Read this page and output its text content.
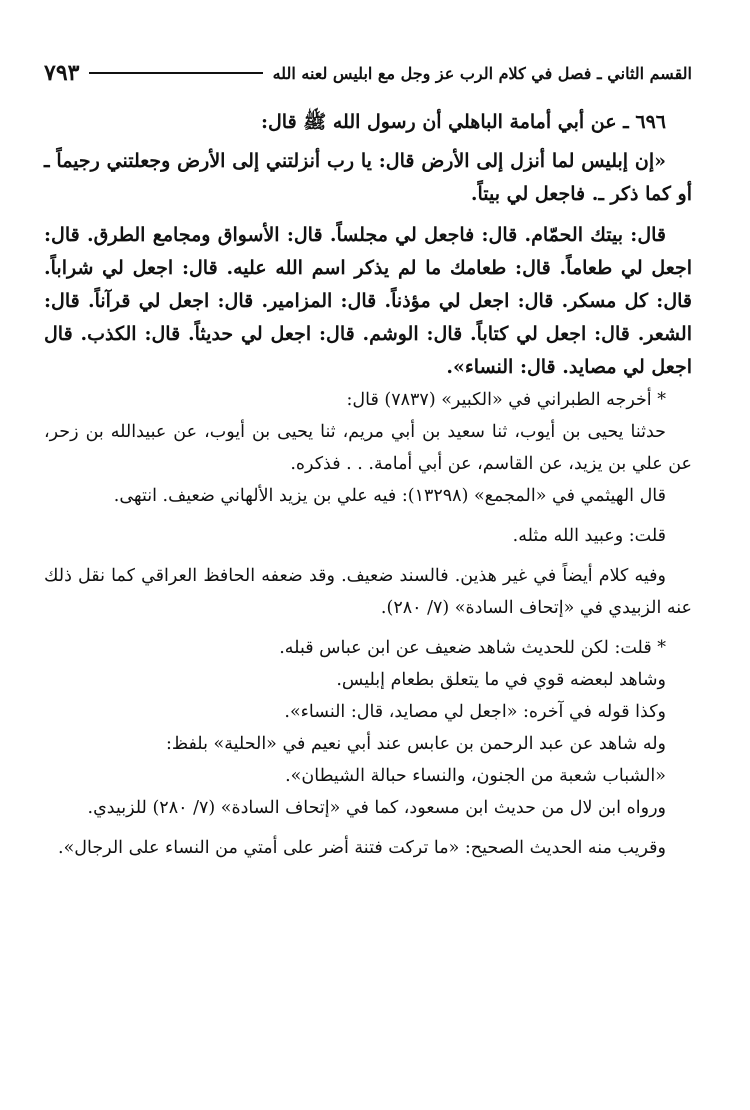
القسم الثاني ـ فصل في كلام الرب عز وجل مع ابليس لعنه الله
٧٩٣

٦٩٦ ـ عن أبي أمامة الباهلي أن رسول الله ﷺ قال:

«إن إبليس لما أنزل إلى الأرض قال: يا رب أنزلتني إلى الأرض وجعلتني رجيماً ـ أو كما ذكر ـ. فاجعل لي بيتاً.

قال: بيتك الحمّام. قال: فاجعل لي مجلساً. قال: الأسواق ومجامع الطرق. قال: اجعل لي طعاماً. قال: طعامك ما لم يذكر اسم الله عليه. قال: اجعل لي شراباً. قال: كل مسكر. قال: اجعل لي مؤذناً. قال: المزامير. قال: اجعل لي قرآناً. قال: الشعر. قال: اجعل لي كتاباً. قال: الوشم. قال: اجعل لي حديثاً. قال: الكذب. قال اجعل لي مصايد. قال: النساء».

* أخرجه الطبراني في «الكبير» (٧٨٣٧) قال:

حدثنا يحيى بن أيوب، ثنا سعيد بن أبي مريم، ثنا يحيى بن أيوب، عن عبيدالله بن زحر، عن علي بن يزيد، عن القاسم، عن أبي أمامة. . . فذكره.

قال الهيثمي في «المجمع» (١٣٢٩٨): فيه علي بن يزيد الألهاني ضعيف. انتهى.

قلت: وعبيد الله مثله.

وفيه كلام أيضاً في غير هذين. فالسند ضعيف. وقد ضعفه الحافظ العراقي كما نقل ذلك عنه الزبيدي في «إتحاف السادة» (٧/ ٢٨٠).

* قلت: لكن للحديث شاهد ضعيف عن ابن عباس قبله.

وشاهد لبعضه قوي في ما يتعلق بطعام إبليس.

وكذا قوله في آخره: «اجعل لي مصايد، قال: النساء».

وله شاهد عن عبد الرحمن بن عابس عند أبي نعيم في «الحلية» بلفظ:

«الشباب شعبة من الجنون، والنساء حبالة الشيطان».

ورواه ابن لال من حديث ابن مسعود، كما في «إتحاف السادة» (٧/ ٢٨٠) للزبيدي.

وقريب منه الحديث الصحيح: «ما تركت فتنة أضر على أمتي من النساء على الرجال».
